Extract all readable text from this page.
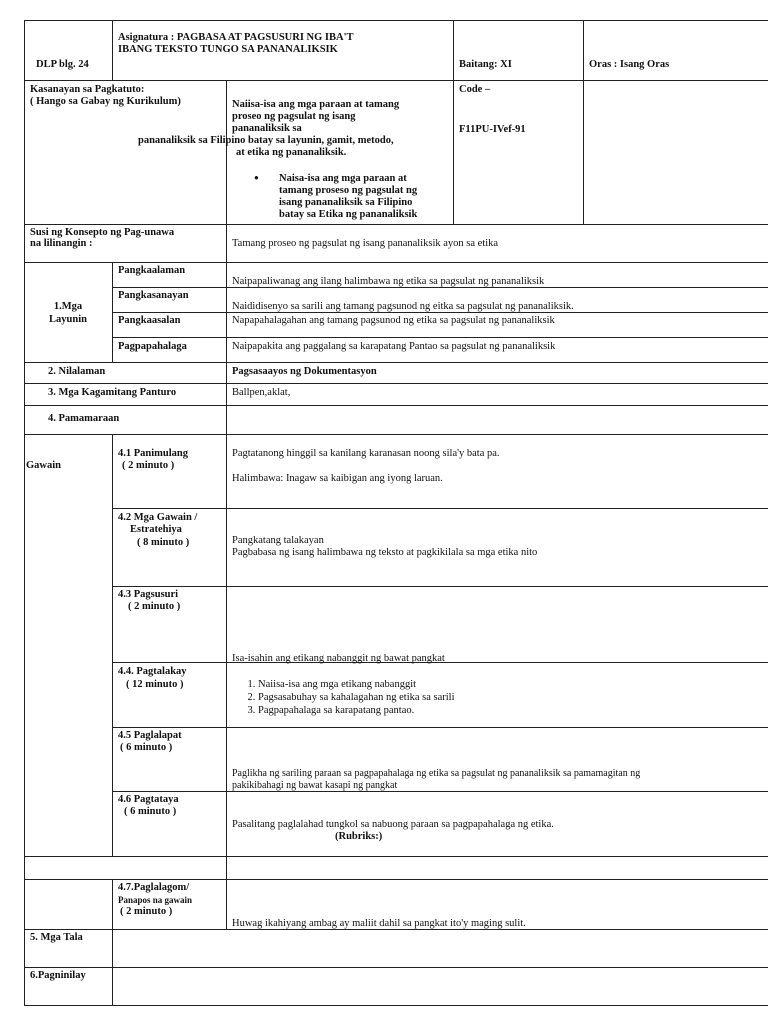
DLP blg. 24
Asignatura : PAGBASA AT PAGSUSURI NG IBA'T
IBANG TEKSTO TUNGO SA PANANALIKSIK
Baitang: XI	Oras : Isang Oras
Kasanayan sa Pagkatuto:
( Hango sa Gabay ng Kurikulum)	Naiisa-isa ang mga paraan at tamang
proseo ng pagsulat ng isang
pananaliksik sa
pananaliksik sa Filipino batay sa layunin, gamit, metodo,
at etika ng pananaliksik.
● Naisa-isa ang mga paraan at
tamang proseso ng pagsulat ng
isang pananaliksik sa Filipino
batay sa Etika ng pananaliksik
Code –
F11PU-IVef-91
Susi ng Konsepto ng Pag-unawa
na lilinangin :	Tamang proseo ng pagsulat ng isang pananaliksik ayon sa etika
1.Mga
Layunin
Pangkaalaman
Naipapaliwanag ang ilang halimbawa ng etika sa pagsulat ng pananaliksik
Pangkasanayan
Naididisenyo sa sarili ang tamang pagsunod ng eitka sa pagsulat ng pananaliksik.
Pangkaasalan	Napapahalagahan ang tamang pagsunod ng etika sa pagsulat ng pananaliksik
Pagpapahalaga	Naipapakita ang paggalang sa karapatang Pantao sa pagsulat ng pananaliksik
2. Nilalaman	Pagsasaayos ng Dokumentasyon
3. Mga Kagamitang Panturo	Ballpen,aklat,
4. Pamamaraan
Gawain
4.1 Panimulang
( 2 minuto )
Pagtatanong hinggil sa kanilang karanasan noong sila'y bata pa.
Halimbawa: Inagaw sa kaibigan ang iyong laruan.
4.2 Mga Gawain /
Estratehiya
( 8 minuto )	Pangkatang talakayan
Pagbabasa ng isang halimbawa ng teksto at pagkikilala sa mga etika nito
4.3 Pagsusuri
( 2 minuto )
Isa-isahin ang etikang nabanggit ng bawat pangkat
4.4. Pagtalakay
( 12 minuto )
1.	Naiisa-isa ang mga etikang nabanggit
2. Pagsasabuhay sa kahalagahan ng etika sa sarili
3. Pagpapahalaga sa karapatang pantao.
4.5 Paglalapat
( 6 minuto )
Paglikha ng sariling paraan sa pagpapahalaga ng etika sa pagsulat ng pananaliksik sa pamamagitan ng
pakikibahagi ng bawat kasapi ng pangkat
4.6 Pagtataya
( 6 minuto )
Pasalitang paglalahad tungkol sa nabuong paraan sa pagpapahalaga ng etika.
(Rubriks:)
4.7.Paglalagom/
Panapos na gawain
( 2 minuto )
Huwag ikahiyang ambag ay maliit dahil sa pangkat ito'y maging sulit.
5. Mga Tala
6.Pagninilay
